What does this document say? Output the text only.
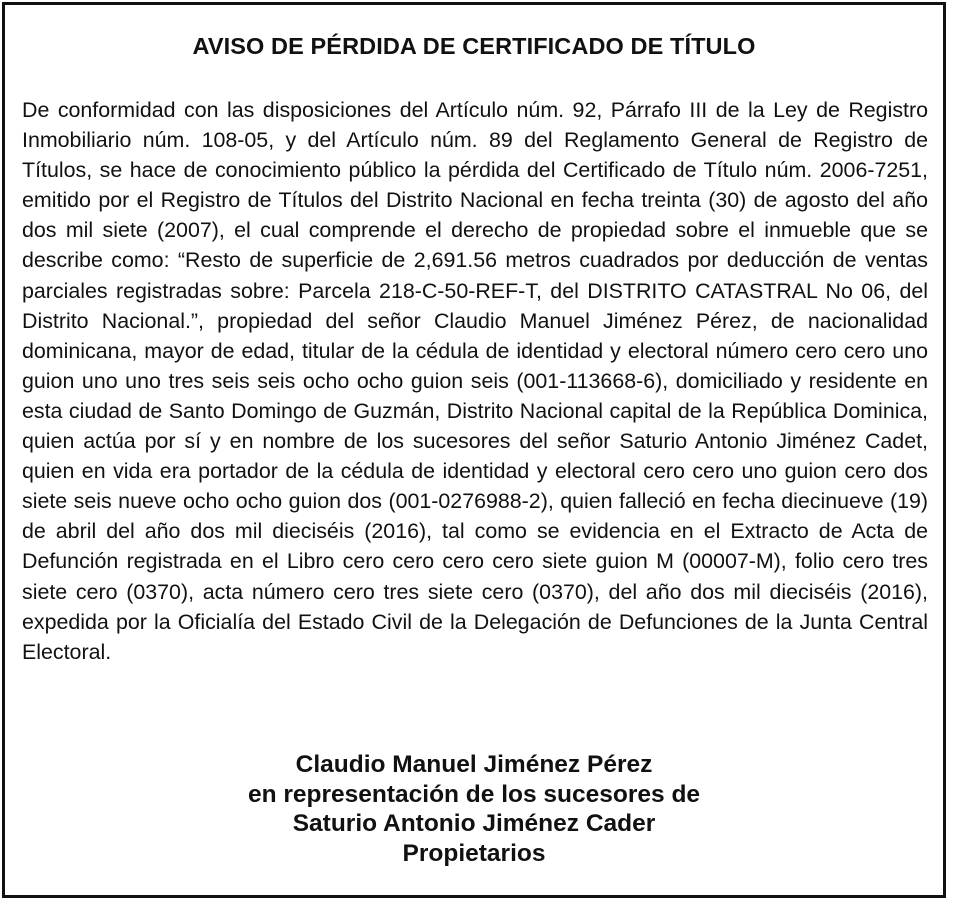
AVISO DE PÉRDIDA DE CERTIFICADO DE TÍTULO

De conformidad con las disposiciones del Artículo núm. 92, Párrafo III de la Ley de Registro Inmobiliario núm. 108-05, y del Artículo núm. 89 del Reglamento General de Registro de Títulos, se hace de conocimiento público la pérdida del Certificado de Título núm. 2006-7251, emitido por el Registro de Títulos del Distrito Nacional en fecha treinta (30) de agosto del año dos mil siete (2007), el cual comprende el derecho de propiedad sobre el inmueble que se describe como: “Resto de superficie de 2,691.56 metros cuadrados por deducción de ventas parciales registradas sobre: Parcela 218-C-50-REF-T, del DISTRITO CATASTRAL No 06, del Distrito Nacional.”, propiedad del señor Claudio Manuel Jiménez Pérez, de nacionalidad dominicana, mayor de edad, titular de la cédula de identidad y electoral número cero cero uno guion uno uno tres seis seis ocho ocho guion seis (001-113668-6), domiciliado y residente en esta ciudad de Santo Domingo de Guzmán, Distrito Nacional capital de la República Dominica, quien actúa por sí y en nombre de los sucesores del señor Saturio Antonio Jiménez Cadet, quien en vida era portador de la cédula de identidad y electoral cero cero uno guion cero dos siete seis nueve ocho ocho guion dos (001-0276988-2), quien falleció en fecha diecinueve (19) de abril del año dos mil dieciséis (2016), tal como se evidencia en el Extracto de Acta de Defunción registrada en el Libro cero cero cero cero siete guion M (00007-M), folio cero tres siete cero (0370), acta número cero tres siete cero (0370), del año dos mil dieciséis (2016), expedida por la Oficialía del Estado Civil de la Delegación de Defunciones de la Junta Central Electoral.

Claudio Manuel Jiménez Pérez
en representación de los sucesores de
Saturio Antonio Jiménez Cader
Propietarios
